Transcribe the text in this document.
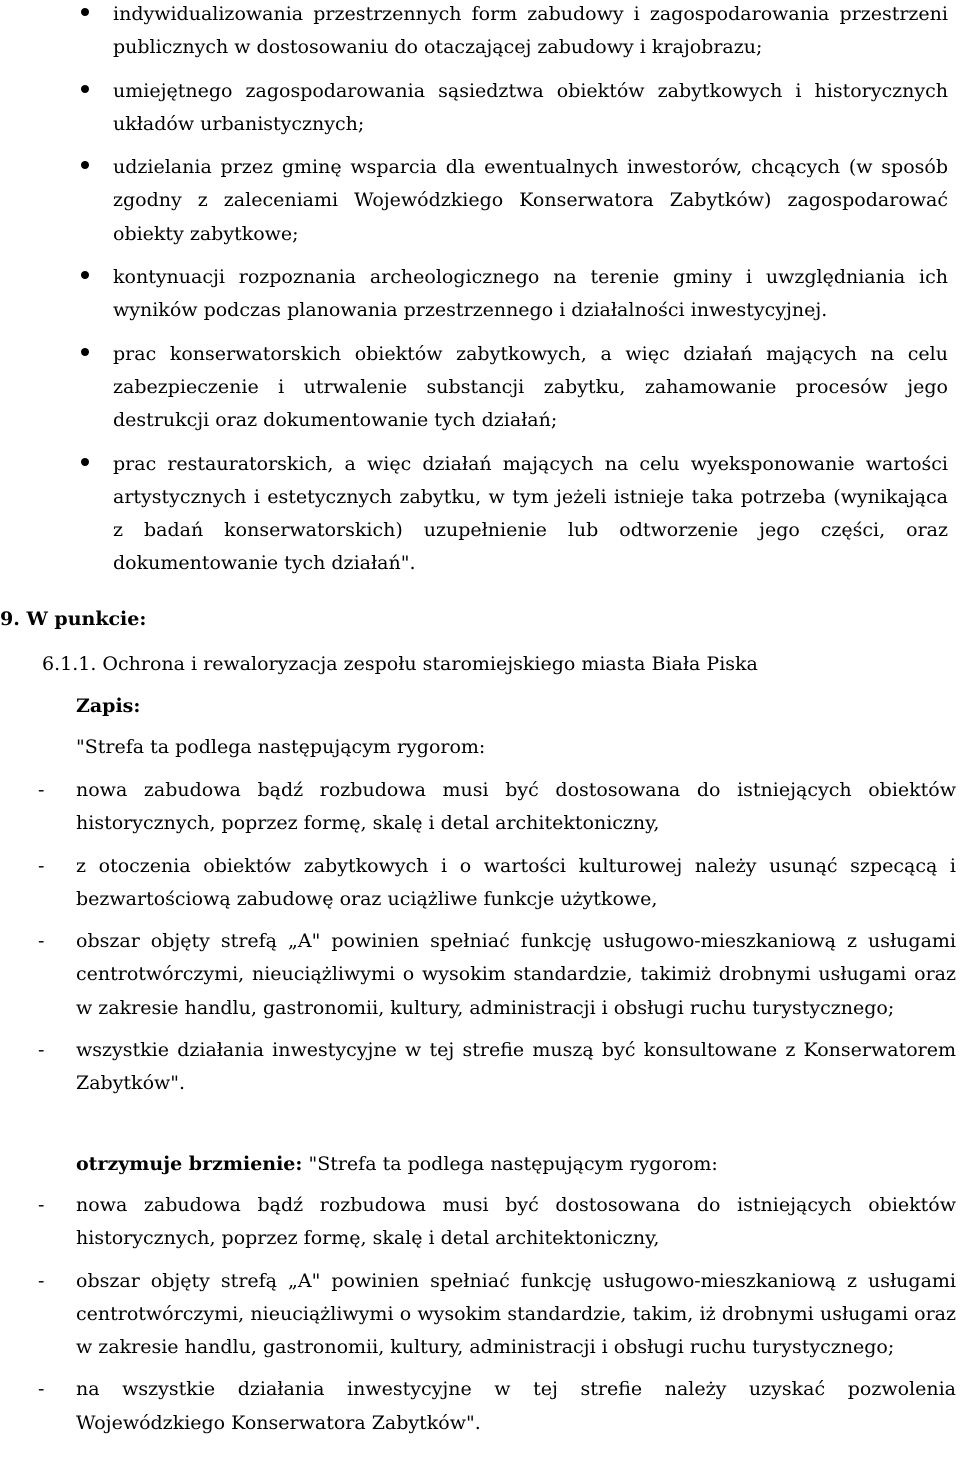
indywidualizowania przestrzennych form zabudowy i zagospodarowania przestrzeni publicznych w dostosowaniu do otaczającej zabudowy i krajobrazu;

umiejętnego zagospodarowania sąsiedztwa obiektów zabytkowych i historycznych układów urbanistycznych;

udzielania przez gminę wsparcia dla ewentualnych inwestorów, chcących (w sposób zgodny z zaleceniami Wojewódzkiego Konserwatora Zabytków) zagospodarować obiekty zabytkowe;

kontynuacji rozpoznania archeologicznego na terenie gminy i uwzględniania ich wyników podczas planowania przestrzennego i działalności inwestycyjnej.

prac konserwatorskich obiektów zabytkowych, a więc działań mających na celu zabezpieczenie i utrwalenie substancji zabytku, zahamowanie procesów jego destrukcji oraz dokumentowanie tych działań;

prac restauratorskich, a więc działań mających na celu wyeksponowanie wartości artystycznych i estetycznych zabytku, w tym jeżeli istnieje taka potrzeba (wynikająca z badań konserwatorskich) uzupełnienie lub odtworzenie jego części, oraz dokumentowanie tych działań".

9. W punkcie:

6.1.1. Ochrona i rewaloryzacja zespołu staromiejskiego miasta Biała Piska

Zapis:

"Strefa ta podlega następującym rygorom:

- nowa zabudowa bądź rozbudowa musi być dostosowana do istniejących obiektów historycznych, poprzez formę, skalę i detal architektoniczny,

- z otoczenia obiektów zabytkowych i o wartości kulturowej należy usunąć szpecącą i bezwartościową zabudowę oraz uciążliwe funkcje użytkowe,

- obszar objęty strefą „A" powinien spełniać funkcję usługowo-mieszkaniową z usługami centrotwórczymi, nieuciążliwymi o wysokim standardzie, takimiż drobnymi usługami oraz w zakresie handlu, gastronomii, kultury, administracji i obsługi ruchu turystycznego;

- wszystkie działania inwestycyjne w tej strefie muszą być konsultowane z Konserwatorem Zabytków".

otrzymuje brzmienie: "Strefa ta podlega następującym rygorom:

- nowa zabudowa bądź rozbudowa musi być dostosowana do istniejących obiektów historycznych, poprzez formę, skalę i detal architektoniczny,

- obszar objęty strefą „A" powinien spełniać funkcję usługowo-mieszkaniową z usługami centrotwórczymi, nieuciążliwymi o wysokim standardzie, takim, iż drobnymi usługami oraz w zakresie handlu, gastronomii, kultury, administracji i obsługi ruchu turystycznego;

- na wszystkie działania inwestycyjne w tej strefie należy uzyskać pozwolenia Wojewódzkiego Konserwatora Zabytków".
